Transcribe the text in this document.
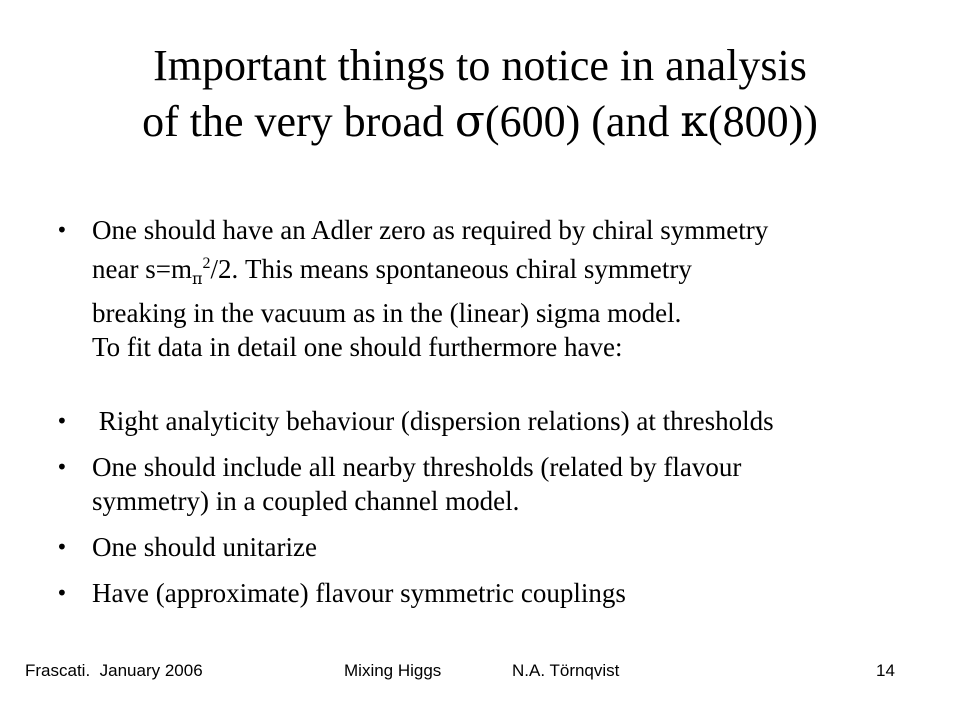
Important things to notice in analysis
of the very broad σ(600) (and κ(800))
• One should have an Adler zero as required by chiral symmetry
near $s=m_\pi^2/2$. This means spontaneous chiral symmetry
breaking in the vacuum as in the (linear) sigma model.
To fit data in detail one should furthermore have:
• Right analyticity behaviour (dispersion relations) at thresholds
• One should include all nearby thresholds (related by flavour
symmetry) in a coupled channel model.
• One should unitarize
• Have (approximate) flavour symmetric couplings
Frascati.  January 2006	Mixing Higgs	N.A. Törnqvist	14
